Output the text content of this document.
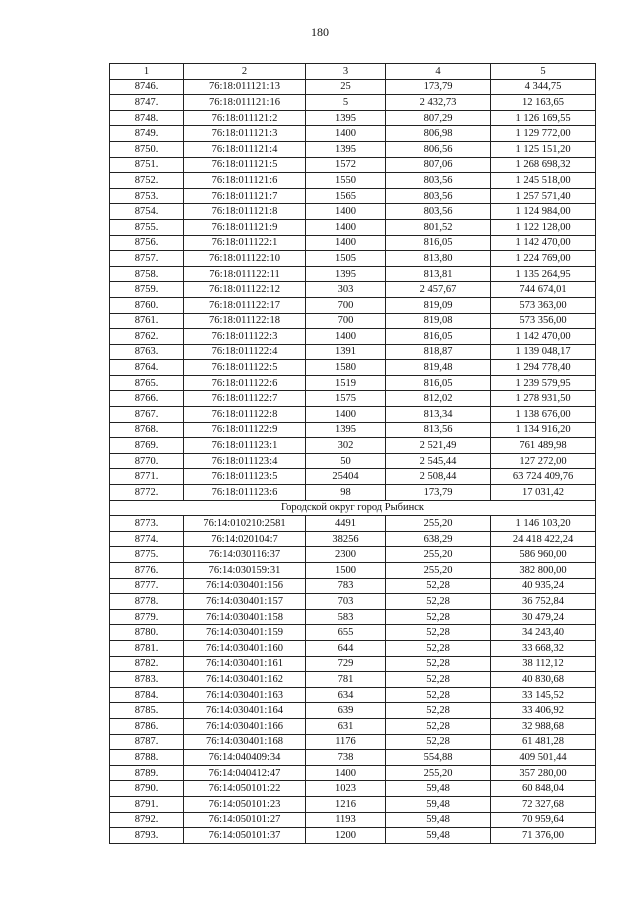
180
1	2	3	4	5
8746.	76:18:011121:13	25	173,79	4 344,75
8747.	76:18:011121:16	5	2 432,73	12 163,65
8748.	76:18:011121:2	1395	807,29	1 126 169,55
8749.	76:18:011121:3	1400	806,98	1 129 772,00
8750.	76:18:011121:4	1395	806,56	1 125 151,20
8751.	76:18:011121:5	1572	807,06	1 268 698,32
8752.	76:18:011121:6	1550	803,56	1 245 518,00
8753.	76:18:011121:7	1565	803,56	1 257 571,40
8754.	76:18:011121:8	1400	803,56	1 124 984,00
8755.	76:18:011121:9	1400	801,52	1 122 128,00
8756.	76:18:011122:1	1400	816,05	1 142 470,00
8757.	76:18:011122:10	1505	813,80	1 224 769,00
8758.	76:18:011122:11	1395	813,81	1 135 264,95
8759.	76:18:011122:12	303	2 457,67	744 674,01
8760.	76:18:011122:17	700	819,09	573 363,00
8761.	76:18:011122:18	700	819,08	573 356,00
8762.	76:18:011122:3	1400	816,05	1 142 470,00
8763.	76:18:011122:4	1391	818,87	1 139 048,17
8764.	76:18:011122:5	1580	819,48	1 294 778,40
8765.	76:18:011122:6	1519	816,05	1 239 579,95
8766.	76:18:011122:7	1575	812,02	1 278 931,50
8767.	76:18:011122:8	1400	813,34	1 138 676,00
8768.	76:18:011122:9	1395	813,56	1 134 916,20
8769.	76:18:011123:1	302	2 521,49	761 489,98
8770.	76:18:011123:4	50	2 545,44	127 272,00
8771.	76:18:011123:5	25404	2 508,44	63 724 409,76
8772.	76:18:011123:6	98	173,79	17 031,42
Городской округ город Рыбинск				
8773.	76:14:010210:2581	4491	255,20	1 146 103,20
8774.	76:14:020104:7	38256	638,29	24 418 422,24
8775.	76:14:030116:37	2300	255,20	586 960,00
8776.	76:14:030159:31	1500	255,20	382 800,00
8777.	76:14:030401:156	783	52,28	40 935,24
8778.	76:14:030401:157	703	52,28	36 752,84
8779.	76:14:030401:158	583	52,28	30 479,24
8780.	76:14:030401:159	655	52,28	34 243,40
8781.	76:14:030401:160	644	52,28	33 668,32
8782.	76:14:030401:161	729	52,28	38 112,12
8783.	76:14:030401:162	781	52,28	40 830,68
8784.	76:14:030401:163	634	52,28	33 145,52
8785.	76:14:030401:164	639	52,28	33 406,92
8786.	76:14:030401:166	631	52,28	32 988,68
8787.	76:14:030401:168	1176	52,28	61 481,28
8788.	76:14:040409:34	738	554,88	409 501,44
8789.	76:14:040412:47	1400	255,20	357 280,00
8790.	76:14:050101:22	1023	59,48	60 848,04
8791.	76:14:050101:23	1216	59,48	72 327,68
8792.	76:14:050101:27	1193	59,48	70 959,64
8793.	76:14:050101:37	1200	59,48	71 376,00
